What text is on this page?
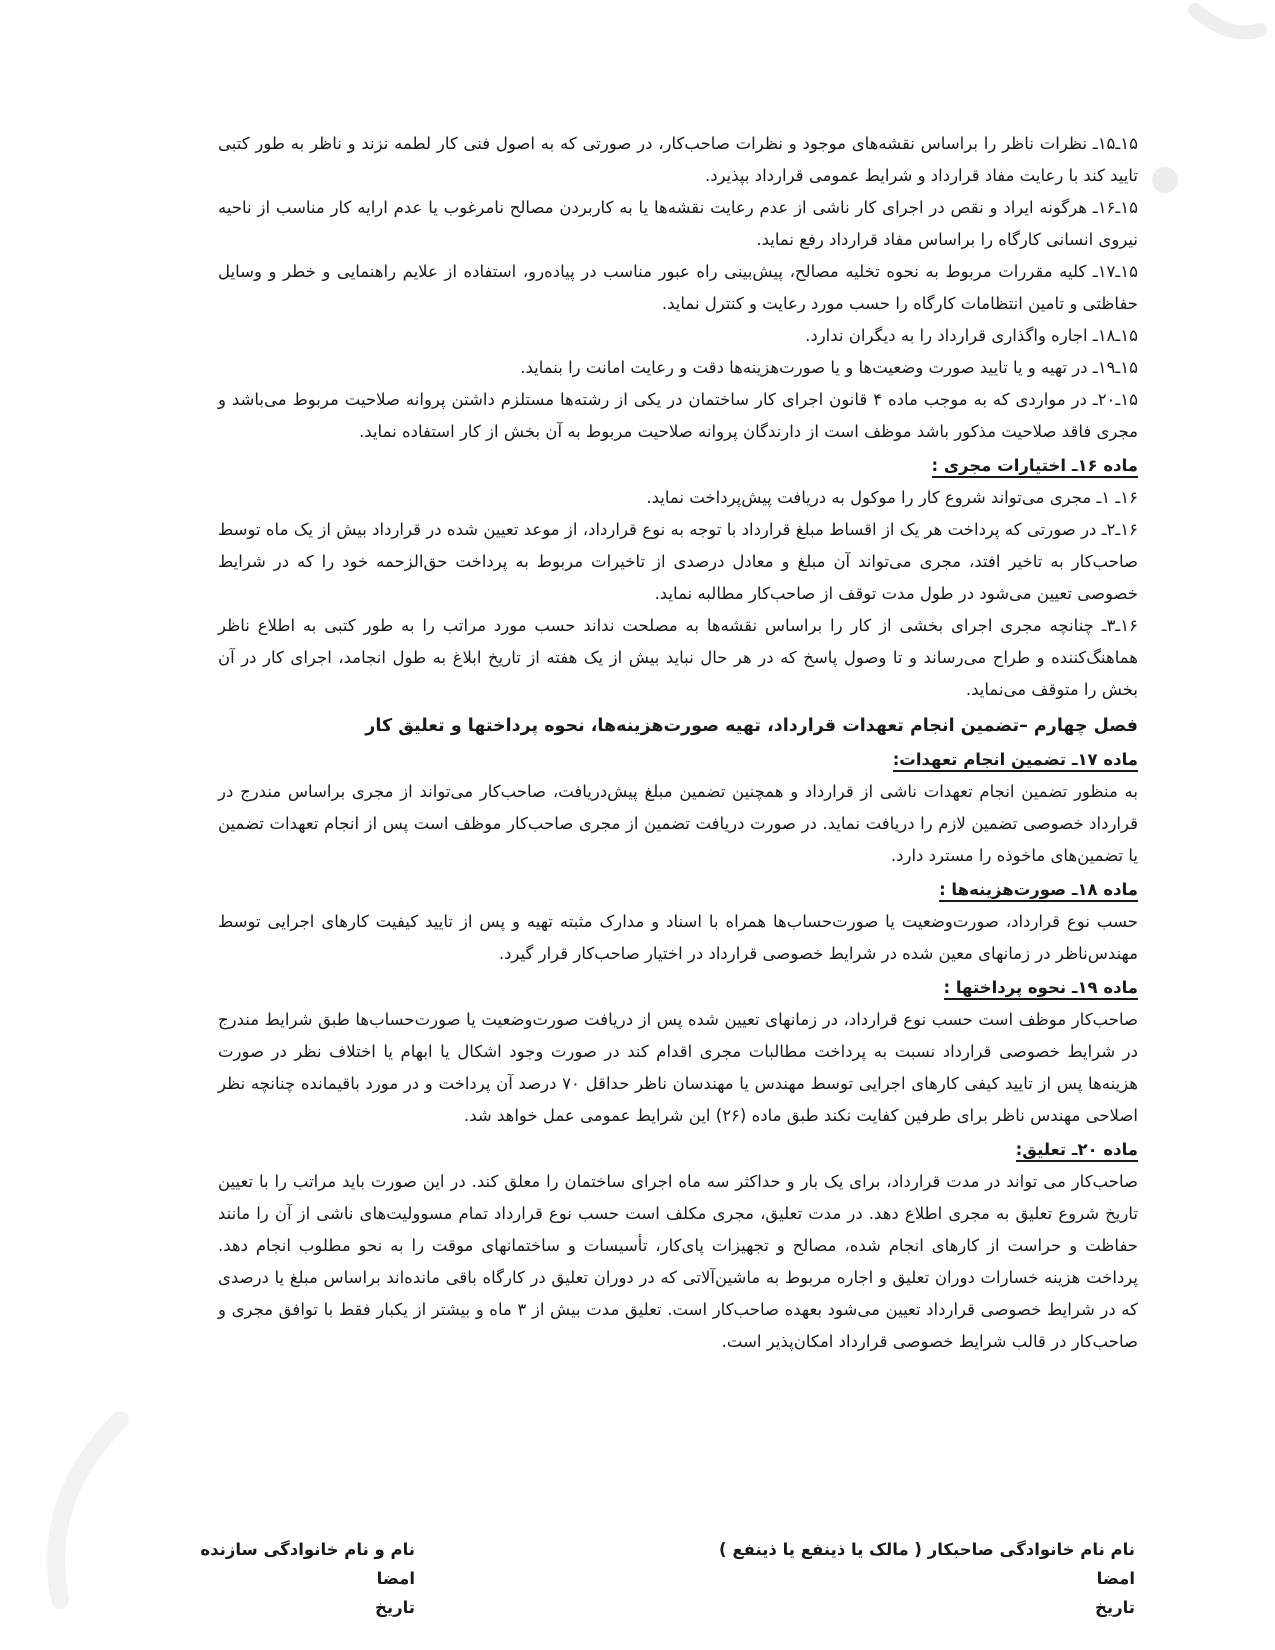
۱۵ـ۱۵ـ نظرات ناظر را براساس نقشه‌های موجود و نظرات صاحب‌کار، در صورتی که به اصول فنی کار لطمه نزند و ناظر به طور کتبی تایید کند با رعایت مفاد قرارداد و شرایط عمومی قرارداد بپذیرد.

۱۵ـ۱۶ـ هرگونه ایراد و نقص در اجرای کار ناشی از عدم رعایت نقشه‌ها یا به کاربردن مصالح نامرغوب یا عدم ارایه کار مناسب از ناحیه نیروی انسانی کارگاه را براساس مفاد قرارداد رفع نماید.

۱۵ـ۱۷ـ کلیه مقررات مربوط به نحوه تخلیه مصالح، پیش‌بینی راه عبور مناسب در پیاده‌رو، استفاده از علایم راهنمایی و خطر و وسایل حفاظتی و تامین انتظامات کارگاه را حسب مورد رعایت و کنترل نماید.

۱۵ـ۱۸ـ اجاره واگذاری قرارداد را به دیگران ندارد.

۱۵ـ۱۹ـ در تهیه و یا تایید صورت وضعیت‌ها و یا صورت‌هزینه‌ها دقت و رعایت امانت را بنماید.

۱۵ـ۲۰ـ در مواردی که به موجب ماده ۴ قانون اجرای کار ساختمان در یکی از رشته‌ها مستلزم داشتن پروانه صلاحیت مربوط می‌باشد و مجری فاقد صلاحیت مذکور باشد موظف است از دارندگان پروانه صلاحیت مربوط به آن بخش از کار استفاده نماید.

ماده ۱۶ـ اختیارات مجری :

۱۶ـ ۱ـ مجری می‌تواند شروع کار را موکول به دریافت پیش‌پرداخت نماید.

۱۶ـ۲ـ در صورتی که پرداخت هر یک از اقساط مبلغ قرارداد با توجه به نوع قرارداد، از موعد تعیین شده در قرارداد بیش از یک ماه توسط صاحب‌کار به تاخیر افتد، مجری می‌تواند آن مبلغ و معادل درصدی از تاخیرات مربوط به پرداخت حق‌الزحمه خود را که در شرایط خصوصی تعیین می‌شود در طول مدت توقف از صاحب‌کار مطالبه نماید.

۱۶ـ۳ـ چنانچه مجری اجرای بخشی از کار را براساس نقشه‌ها به مصلحت نداند حسب مورد مراتب را به طور کتبی به اطلاع ناظر هماهنگ‌کننده و طراح می‌رساند و تا وصول پاسخ که در هر حال نباید بیش از یک هفته از تاریخ ابلاغ به طول انجامد، اجرای کار در آن بخش را متوقف می‌نماید.

فصل چهارم –تضمین انجام تعهدات قرارداد، تهیه صورت‌هزینه‌ها، نحوه پرداختها و تعلیق کار

ماده ۱۷ـ تضمین انجام تعهدات:

به منظور تضمین انجام تعهدات ناشی از قرارداد و همچنین تضمین مبلغ پیش‌دریافت، صاحب‌کار می‌تواند از مجری براساس مندرج در قرارداد خصوصی تضمین لازم را دریافت نماید. در صورت دریافت تضمین از مجری صاحب‌کار موظف است پس از انجام تعهدات تضمین یا تضمین‌های ماخوذه را مسترد دارد.

ماده ۱۸ـ صورت‌هزینه‌ها :

حسب نوع قرارداد، صورت‌وضعیت یا صورت‌حساب‌ها همراه با اسناد و مدارک مثبته تهیه و پس از تایید کیفیت کارهای اجرایی توسط مهندس‌ناظر در زمانهای معین شده در شرایط خصوصی قرارداد در اختیار صاحب‌کار قرار گیرد.

ماده ۱۹ـ نحوه پرداختها :

صاحب‌کار موظف است حسب نوع قرارداد، در زمانهای تعیین شده پس از دریافت صورت‌وضعیت یا صورت‌حساب‌ها طبق شرایط مندرج در شرایط خصوصی قرارداد نسبت به پرداخت مطالبات مجری اقدام کند در صورت وجود اشکال یا ابهام یا اختلاف نظر در صورت هزینه‌ها پس از تایید کیفی کارهای اجرایی توسط مهندس یا مهندسان ناظر حداقل ۷۰ درصد آن پرداخت و در مورد باقیمانده چنانچه نظر اصلاحی مهندس ناظر برای طرفین کفایت نکند طبق ماده (۲۶) این شرایط عمومی عمل خواهد شد.

ماده ۲۰ـ تعلیق:

صاحب‌کار می تواند در مدت قرارداد، برای یک بار و حداکثر سه ماه اجرای ساختمان را معلق کند. در این صورت باید مراتب را با تعیین تاریخ شروع تعلیق به مجری اطلاع دهد. در مدت تعلیق، مجری مکلف است حسب نوع قرارداد تمام مسوولیت‌های ناشی از آن را مانند حفاظت و حراست از کارهای انجام شده، مصالح و تجهیزات پای‌کار، تأسیسات و ساختمانهای موقت را به نحو مطلوب انجام دهد. پرداخت هزینه خسارات دوران تعلیق و اجاره مربوط به ماشین‌آلاتی که در دوران تعلیق در کارگاه باقی مانده‌اند براساس مبلغ یا درصدی که در شرایط خصوصی قرارداد تعیین می‌شود بعهده صاحب‌کار است. تعلیق مدت بیش از ۳ ماه و بیشتر از یکبار فقط با توافق مجری و صاحب‌کار در قالب شرایط خصوصی قرارداد امکان‌پذیر است.

نام نام خانوادگی صاحبکار ( مالک یا ذینفع یا ذینفع )
امضا
تاریخ
نام و نام خانوادگی سازنده
امضا
تاریخ
